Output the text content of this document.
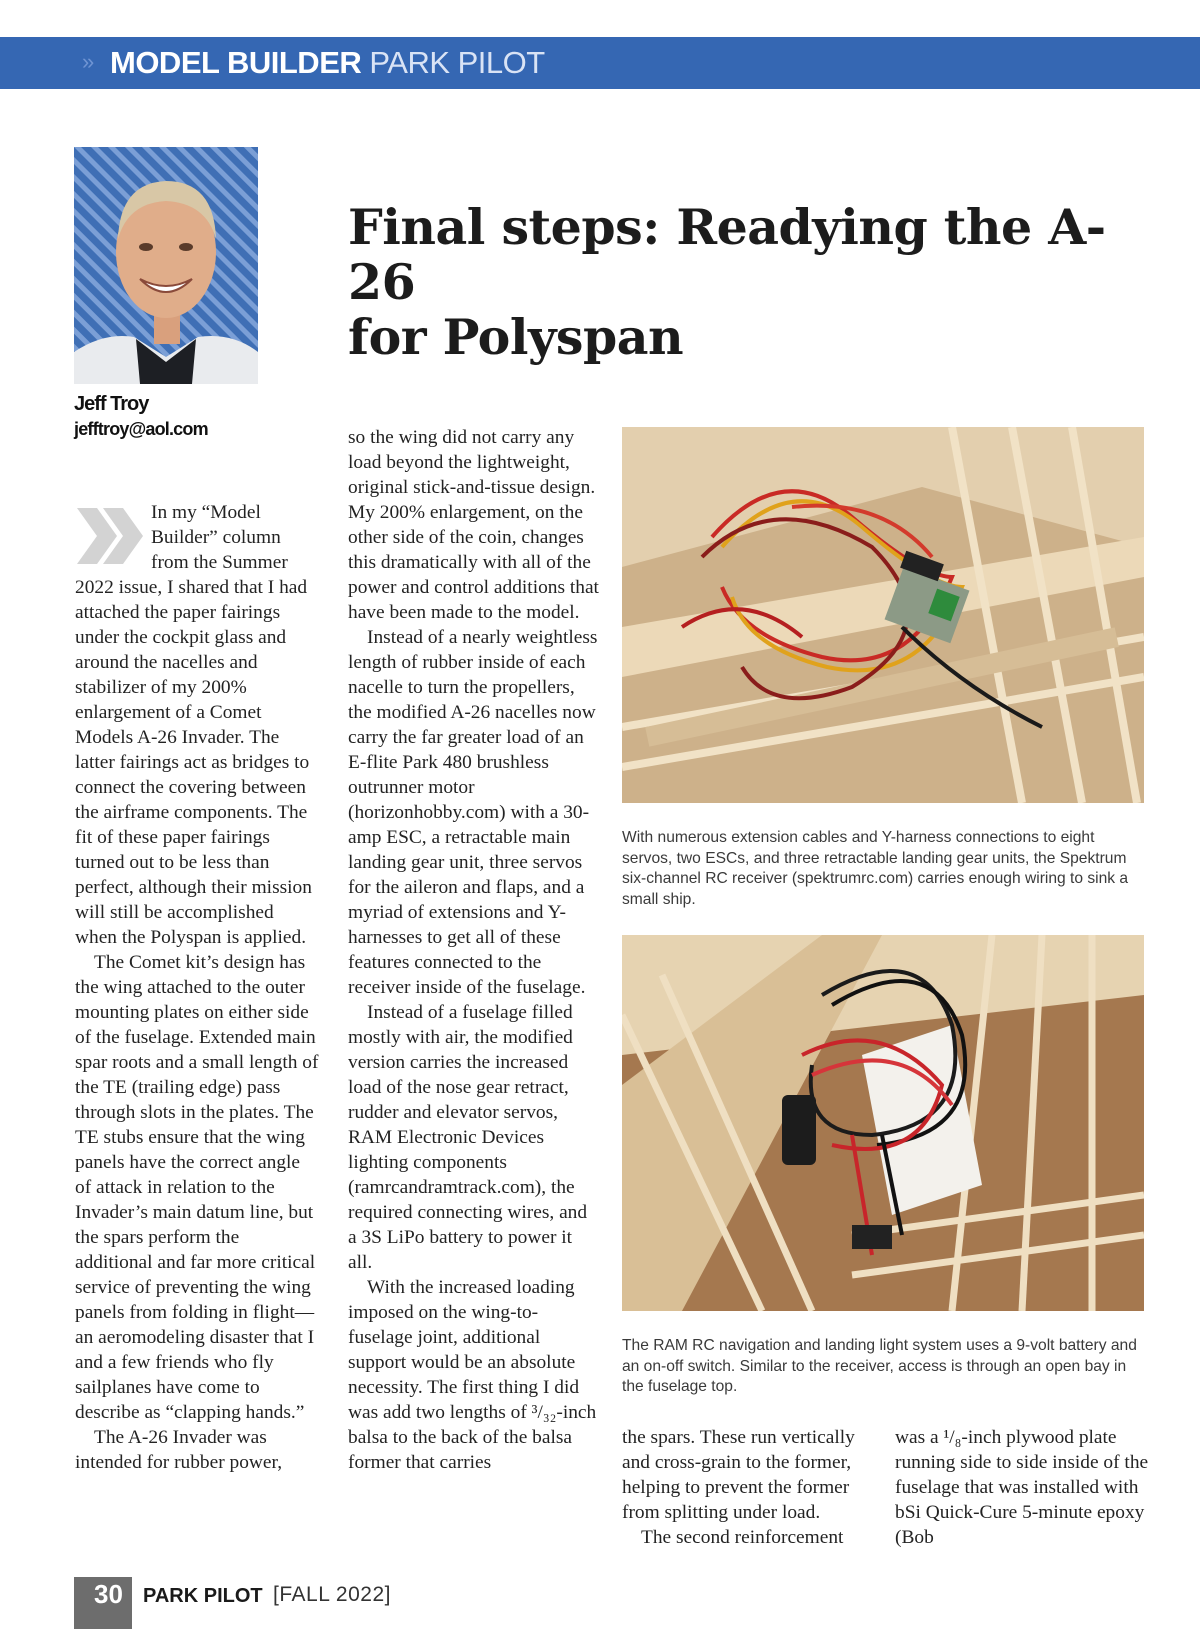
» MODEL BUILDER PARK PILOT
Jeff Troy
jefftroy@aol.com
Final steps: Readying the A-26
for Polyspan

In my “Model Builder” column from the Summer 2022 issue, I shared that I had attached the paper fairings under the cockpit glass and around the nacelles and stabilizer of my 200% enlargement of a Comet Models A-26 Invader. The latter fairings act as bridges to connect the covering between the airframe components. The fit of these paper fairings turned out to be less than perfect, although their mission will still be accomplished when the Polyspan is applied.

The Comet kit’s design has the wing attached to the outer mounting plates on either side of the fuselage. Extended main spar roots and a small length of the TE (trailing edge) pass through slots in the plates. The TE stubs ensure that the wing panels have the correct angle of attack in relation to the Invader’s main datum line, but the spars perform the additional and far more critical service of preventing the wing panels from folding in flight—an aeromodeling disaster that I and a few friends who fly sailplanes have come to describe as “clapping hands.”

The A-26 Invader was intended for rubber power,

so the wing did not carry any load beyond the lightweight, original stick-and-tissue design. My 200% enlargement, on the other side of the coin, changes this dramatically with all of the power and control additions that have been made to the model.

Instead of a nearly weightless length of rubber inside of each nacelle to turn the propellers, the modified A-26 nacelles now carry the far greater load of an E-flite Park 480 brushless outrunner motor (horizonhobby.com) with a 30-amp ESC, a retractable main landing gear unit, three servos for the aileron and flaps, and a myriad of extensions and Y-harnesses to get all of these features connected to the receiver inside of the fuselage.

Instead of a fuselage filled mostly with air, the modified version carries the increased load of the nose gear retract, rudder and elevator servos, RAM Electronic Devices lighting components (ramrcandramtrack.com), the required connecting wires, and a 3S LiPo battery to power it all.

With the increased loading imposed on the wing-to-fuselage joint, additional support would be an absolute necessity. The first thing I did was add two lengths of ³/₃₂-inch balsa to the back of the balsa former that carries

With numerous extension cables and Y-harness connections to eight servos, two ESCs, and three retractable landing gear units, the Spektrum six-channel RC receiver (spektrumrc.com) carries enough wiring to sink a small ship.

The RAM RC navigation and landing light system uses a 9-volt battery and an on-off switch. Similar to the receiver, access is through an open bay in the fuselage top.

the spars. These run vertically and cross-grain to the former, helping to prevent the former from splitting under load.

The second reinforcement

was a ¹/₈-inch plywood plate running side to side inside of the fuselage that was installed with bSi Quick-Cure 5-minute epoxy (Bob

30 PARK PILOT [FALL 2022]
